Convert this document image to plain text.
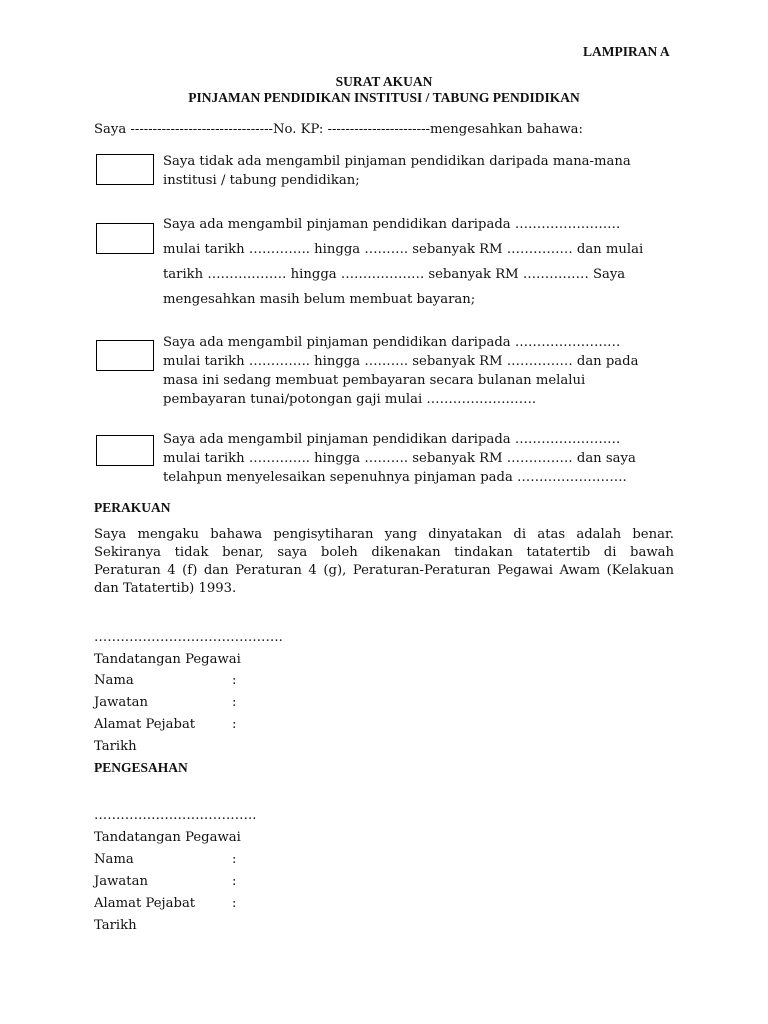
LAMPIRAN A
SURAT AKUAN
PINJAMAN PENDIDIKAN INSTITUSI / TABUNG PENDIDIKAN
Saya --------------------------------No. KP: -----------------------mengesahkan bahawa:
Saya tidak ada mengambil pinjaman pendidikan daripada mana-mana
institusi / tabung pendidikan;
Saya ada mengambil pinjaman pendidikan daripada ……………………
mulai tarikh ………….. hingga ………. sebanyak RM …………… dan mulai
tarikh ……………… hingga ………………. sebanyak RM …………… Saya
mengesahkan masih belum membuat bayaran;
Saya ada mengambil pinjaman pendidikan daripada ……………………
mulai tarikh ………….. hingga ………. sebanyak RM …………… dan pada
masa ini sedang membuat pembayaran secara bulanan melalui
pembayaran tunai/potongan gaji mulai …………………….
Saya ada mengambil pinjaman pendidikan daripada ……………………
mulai tarikh ………….. hingga ………. sebanyak RM …………… dan saya
telahpun menyelesaikan sepenuhnya pinjaman pada …………………….
PERAKUAN
Saya mengaku bahawa pengisytiharan yang dinyatakan di atas adalah benar.
Sekiranya tidak benar, saya boleh dikenakan tindakan tatatertib di bawah
Peraturan 4 (f) dan Peraturan 4 (g), Peraturan-Peraturan Pegawai Awam (Kelakuan
dan Tatatertib) 1993.
…………………………………….
Tandatangan Pegawai
Nama	:
Jawatan	:
Alamat Pejabat	:
Tarikh
PENGESAHAN
……………………………….
Tandatangan Pegawai
Nama	:
Jawatan	:
Alamat Pejabat	:
Tarikh
